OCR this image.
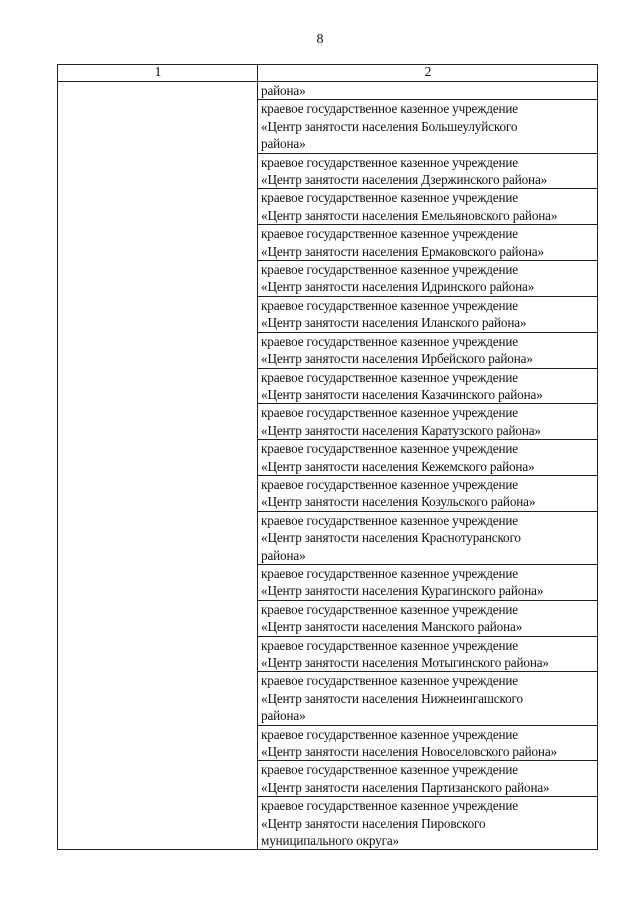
8
1	2

	районa»

	краевое государственное казенное учреждение
«Центр занятости населения Большеулуйского
района»

	краевое государственное казенное учреждение
«Центр занятости населения Дзержинского района»

	краевое государственное казенное учреждение
«Центр занятости населения Емельяновского района»

	краевое государственное казенное учреждение
«Центр занятости населения Ермаковского района»

	краевое государственное казенное учреждение
«Центр занятости населения Идринского района»

	краевое государственное казенное учреждение
«Центр занятости населения Иланского района»

	краевое государственное казенное учреждение
«Центр занятости населения Ирбейского района»

	краевое государственное казенное учреждение
«Центр занятости населения Казачинского района»

	краевое государственное казенное учреждение
«Центр занятости населения Каратузского района»

	краевое государственное казенное учреждение
«Центр занятости населения Кежемского района»

	краевое государственное казенное учреждение
«Центр занятости населения Козульского района»

	краевое государственное казенное учреждение
«Центр занятости населения Краснотуранского
района»

	краевое государственное казенное учреждение
«Центр занятости населения Курагинского района»

	краевое государственное казенное учреждение
«Центр занятости населения Манского района»

	краевое государственное казенное учреждение
«Центр занятости населения Мотыгинского района»

	краевое государственное казенное учреждение
«Центр занятости населения Нижнеингашского
района»

	краевое государственное казенное учреждение
«Центр занятости населения Новоселовского района»

	краевое государственное казенное учреждение
«Центр занятости населения Партизанского района»

	краевое государственное казенное учреждение
«Центр занятости населения Пировского
муниципального округа»
